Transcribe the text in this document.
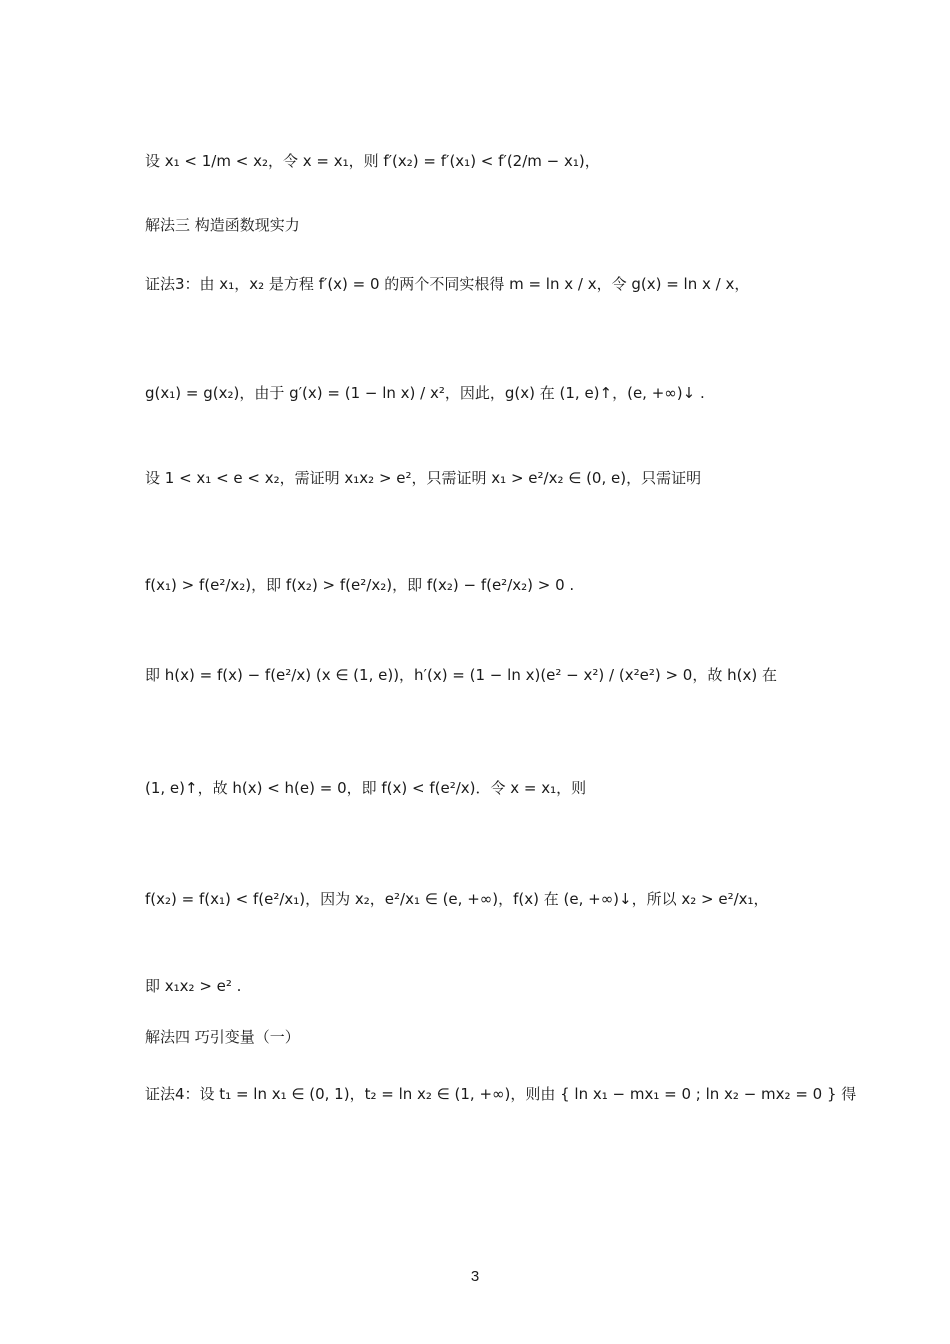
设 x₁ < 1/m < x₂，令 x = x₁，则 f′(x₂) = f′(x₁) < f′(2/m − x₁)，
解法三 构造函数现实力
证法3：由 x₁，x₂ 是方程 f′(x) = 0 的两个不同实根得 m = ln x / x，令 g(x) = ln x / x，
g(x₁) = g(x₂)，由于 g′(x) = (1 − ln x) / x²，因此，g(x) 在 (1, e)↑，(e, +∞)↓ .
设 1 < x₁ < e < x₂，需证明 x₁x₂ > e²，只需证明 x₁ > e²/x₂ ∈ (0, e)，只需证明
f(x₁) > f(e²/x₂)，即 f(x₂) > f(e²/x₂)，即 f(x₂) − f(e²/x₂) > 0 .
即 h(x) = f(x) − f(e²/x) (x ∈ (1, e))，h′(x) = (1 − ln x)(e² − x²) / (x²e²) > 0，故 h(x) 在
(1, e)↑，故 h(x) < h(e) = 0，即 f(x) < f(e²/x)．令 x = x₁，则
f(x₂) = f(x₁) < f(e²/x₁)，因为 x₂，e²/x₁ ∈ (e, +∞)，f(x) 在 (e, +∞)↓，所以 x₂ > e²/x₁，
即 x₁x₂ > e² .
解法四 巧引变量（一）
证法4：设 t₁ = ln x₁ ∈ (0, 1)，t₂ = ln x₂ ∈ (1, +∞)，则由 { ln x₁ − mx₁ = 0 ; ln x₂ − mx₂ = 0 } 得
3
